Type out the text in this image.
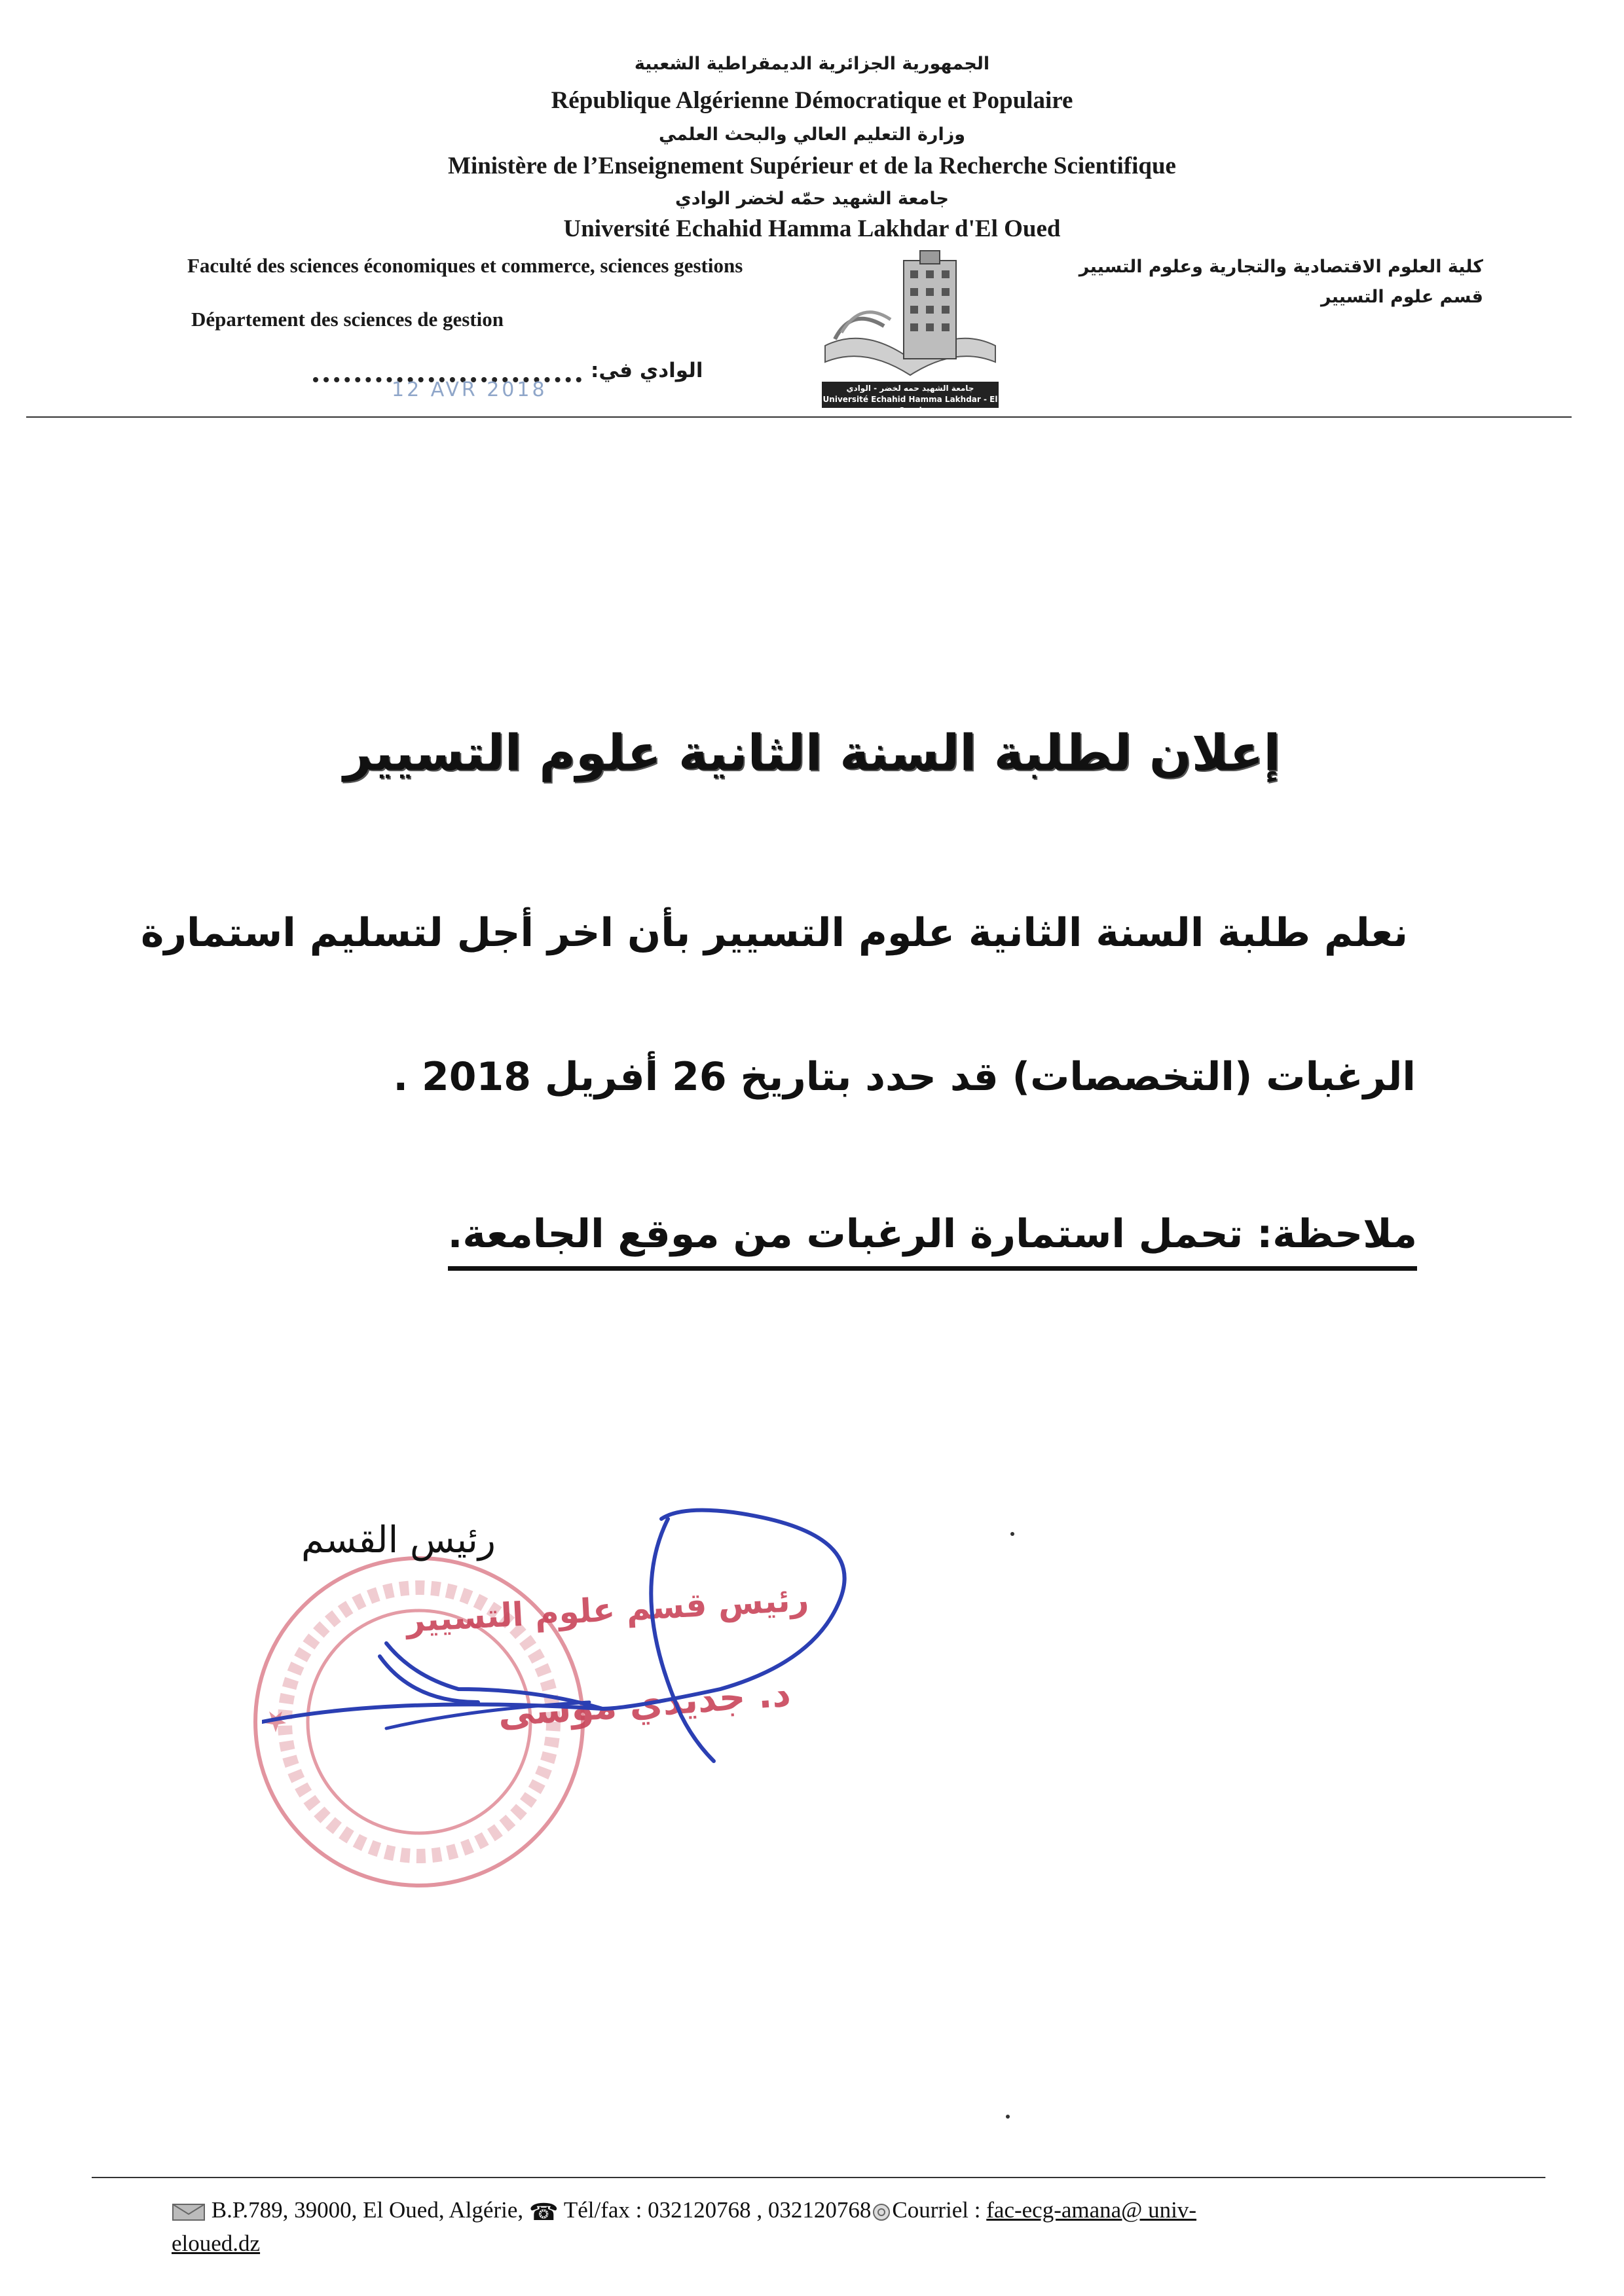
الجمهورية الجزائرية الديمقراطية الشعبية
République Algérienne Démocratique et Populaire
وزارة التعليم العالي والبحث العلمي
Ministère de l’Enseignement Supérieur et de la Recherche Scientifique
جامعة الشهيد حمّه لخضر الوادي
Université Echahid Hamma Lakhdar d'El Oued
Faculté des sciences économiques et commerce, sciences gestions
Département des sciences de gestion
كلية العلوم الاقتصادية والتجارية وعلوم التسيير
قسم علوم التسيير
12 AVR 2018
الوادي في:
جامعة الشهيد حمه لخضر - الوادي
Université Echahid Hamma Lakhdar - El Oued
إعلان لطلبة السنة الثانية علوم التسيير
نعلم طلبة السنة الثانية علوم التسيير بأن اخر أجل لتسليم استمارة
الرغبات (التخصصات) قد حدد بتاريخ 26 أفريل 2018 .
ملاحظة: تحمل استمارة الرغبات من موقع الجامعة.
رئيس القسم
رئيس قسم علوم التسيير
د. جديدي موسى
B.P.789, 39000, El Oued, Algérie, ☎ Tél/fax : 032120768 , 032120768 Courriel : fac-ecg-amana@ univ-
eloued.dz
